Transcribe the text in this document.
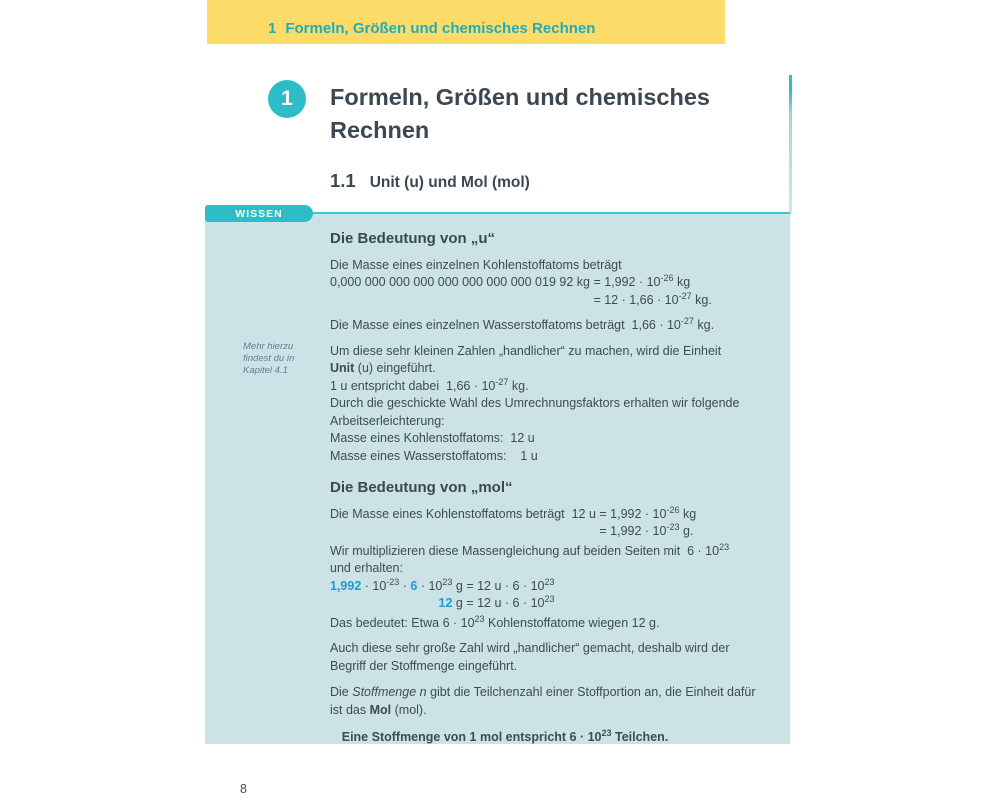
1 Formeln, Größen und chemisches Rechnen
1	Formeln, Größen und chemisches Rechnen
1.1 Unit (u) und Mol (mol)
WISSEN
Mehr hierzu
findest du in
Kapitel 4.1
Die Bedeutung von „u“
Die Masse eines einzelnen Kohlenstoffatoms beträgt
0,000 000 000 000 000 000 000 000 019 92 kg = $1,992 \cdot 10^{-26}$ kg
= $12 \cdot 1,66 \cdot 10^{-27}$ kg.

Die Masse eines einzelnen Wasserstoffatoms beträgt  $1,66 \cdot 10^{-27}$ kg.

Um diese sehr kleinen Zahlen „handlicher“ zu machen, wird die Einheit
Unit (u) eingeführt.
1 u entspricht dabei  $1,66 \cdot 10^{-27}$ kg.
Durch die geschickte Wahl des Umrechnungsfaktors erhalten wir folgende
Arbeitserleichterung:
Masse eines Kohlenstoffatoms:  12 u
Masse eines Wasserstoffatoms:    1 u
Die Bedeutung von „mol“
Die Masse eines Kohlenstoffatoms beträgt  12 $u = 1,992 \cdot 10^{-26}$ kg
= $1,992 \cdot 10^{-23}$ g.
Wir multiplizieren diese Massengleichung auf beiden Seiten mit  $6 \cdot 10^{23}$
und erhalten:
$1,992 \cdot 10^{-23} \cdot 6 \cdot 10^{23}$ g = 12 $u \cdot 6 \cdot 10^{23}$
12 g = 12 $u \cdot 6 \cdot 10^{23}$

Das bedeutet: Etwa $6 \cdot 10^{23}$ Kohlenstoffatome wiegen 12 g.

Auch diese sehr große Zahl wird „handlicher“ gemacht, deshalb wird der
Begriff der Stoffmenge eingeführt.
Die Stoffmenge n gibt die Teilchenzahl einer Stoffportion an, die Einheit dafür
ist das Mol (mol).

Eine Stoffmenge von 1 mol entspricht $6 \cdot 10^{23}$ Teilchen.

8
